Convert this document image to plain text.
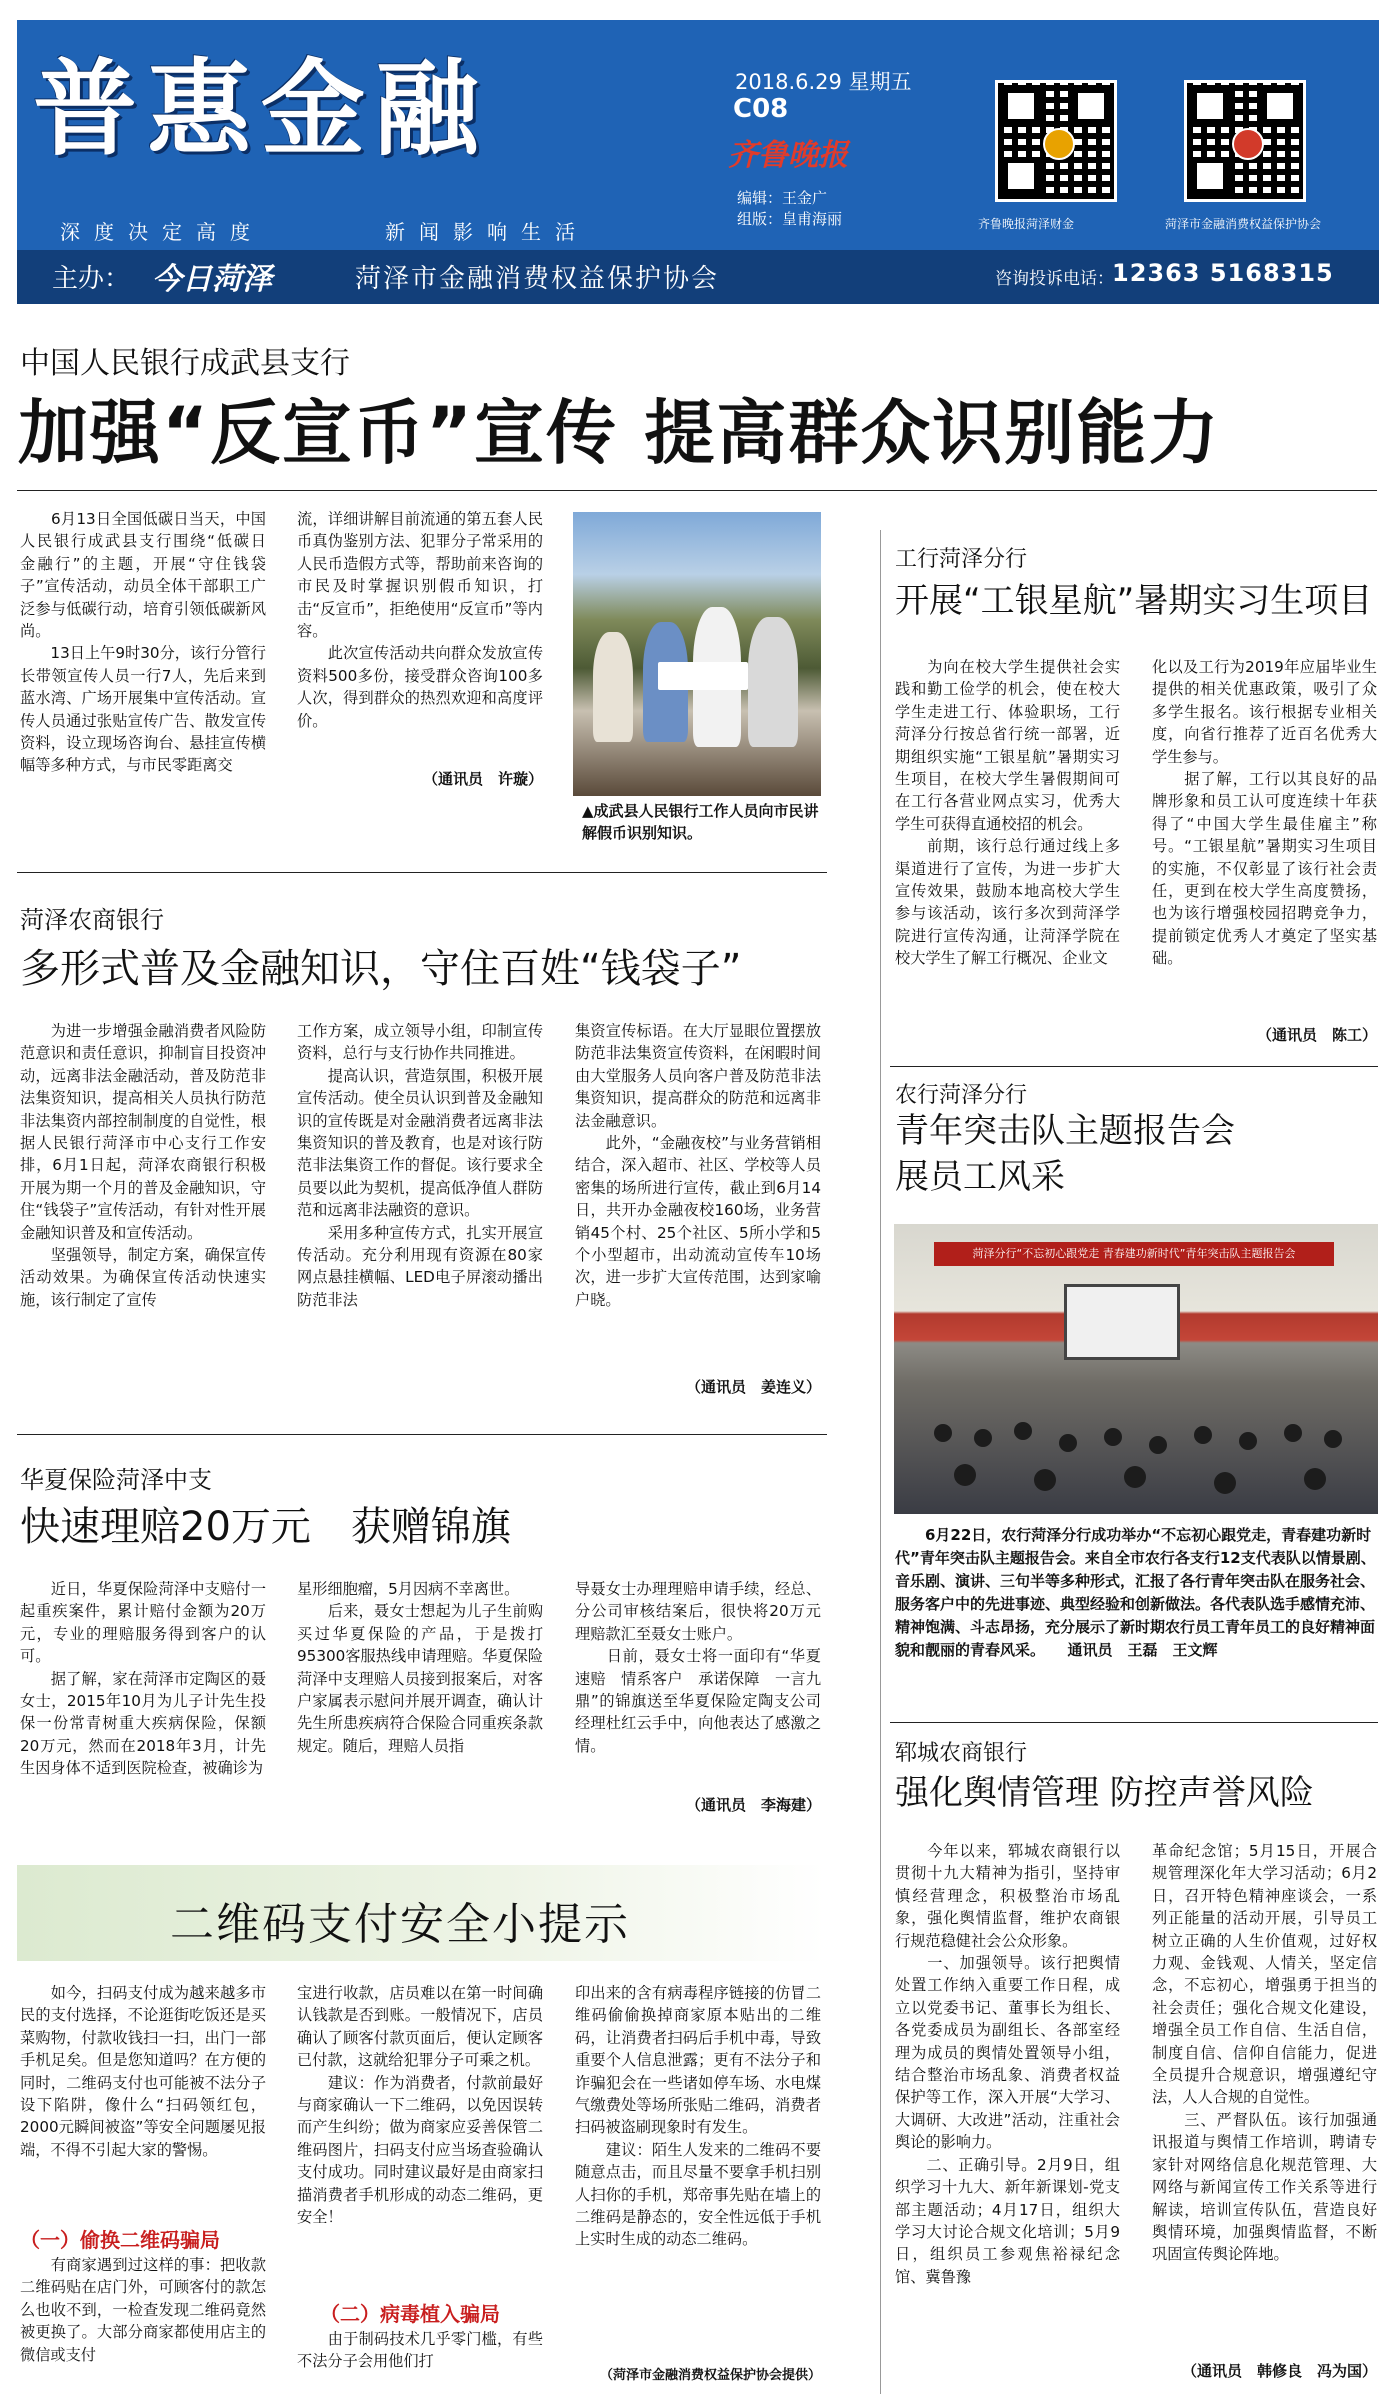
普惠金融
深度决定高度	新闻影响生活
2018.6.29 星期五
C08
齐鲁晚报
编辑：王金广
组版：皇甫海丽	齐鲁晚报菏泽财金	菏泽市金融消费权益保护协会
主办： 今日菏泽	菏泽市金融消费权益保护协会	咨询投诉电话：
12363 5168315
中国人民银行成武县支行
加强“反宣币”宣传 提高群众识别能力
　　6月13日全国低碳日当天，中国人民银行成武县支行围绕“低碳日　金融行”的主题，开展“守住钱袋子”宣传活动，动员全体干部职工广泛参与低碳行动，培育引领低碳新风尚。
　　13日上午9时30分，该行分管行长带领宣传人员一行7人，先后来到蓝水湾、广场开展集中宣传活动。宣传人员通过张贴宣传广告、散发宣传资料，设立现场咨询台、悬挂宣传横幅等多种方式，与市民零距离交
流，详细讲解目前流通的第五套人民币真伪鉴别方法、犯罪分子常采用的人民币造假方式等，帮助前来咨询的市民及时掌握识别假币知识，打击“反宣币”，拒绝使用“反宣币”等内容。
　　此次宣传活动共向群众发放宣传资料500多份，接受群众咨询100多人次，得到群众的热烈欢迎和高度评价。
（通讯员　许璇）
▲成武县人民银行工作人员向市民讲解假币识别知识。
菏泽农商银行
多形式普及金融知识，守住百姓“钱袋子”
　　为进一步增强金融消费者风险防范意识和责任意识，抑制盲目投资冲动，远离非法金融活动，普及防范非法集资知识，提高相关人员执行防范非法集资内部控制制度的自觉性，根据人民银行菏泽市中心支行工作安排，6月1日起，菏泽农商银行积极开展为期一个月的普及金融知识，守住“钱袋子”宣传活动，有针对性开展金融知识普及和宣传活动。
　　坚强领导，制定方案，确保宣传活动效果。为确保宣传活动快速实施，该行制定了宣传
工作方案，成立领导小组，印制宣传资料，总行与支行协作共同推进。
　　提高认识，营造氛围，积极开展宣传活动。使全员认识到普及金融知识的宣传既是对金融消费者远离非法集资知识的普及教育，也是对该行防范非法集资工作的督促。该行要求全员要以此为契机，提高低净值人群防范和远离非法融资的意识。
　　采用多种宣传方式，扎实开展宣传活动。充分利用现有资源在80家网点悬挂横幅、LED电子屏滚动播出防范非法
集资宣传标语。在大厅显眼位置摆放防范非法集资宣传资料，在闲暇时间由大堂服务人员向客户普及防范非法集资知识，提高群众的防范和远离非法金融意识。
　　此外，“金融夜校”与业务营销相结合，深入超市、社区、学校等人员密集的场所进行宣传，截止到6月14日，共开办金融夜校160场，业务营销45个村、25个社区、5所小学和5个小型超市，出动流动宣传车10场次，进一步扩大宣传范围，达到家喻户晓。
（通讯员　姜连义）
华夏保险菏泽中支
快速理赔20万元　获赠锦旗
　　近日，华夏保险菏泽中支赔付一起重疾案件，累计赔付金额为20万元，专业的理赔服务得到客户的认可。
　　据了解，家在菏泽市定陶区的聂女士，2015年10月为儿子计先生投保一份常青树重大疾病保险，保额20万元，然而在2018年3月，计先生因身体不适到医院检查，被确诊为
星形细胞瘤，5月因病不幸离世。
　　后来，聂女士想起为儿子生前购买过华夏保险的产品，于是拨打95300客服热线申请理赔。华夏保险菏泽中支理赔人员接到报案后，对客户家属表示慰问并展开调查，确认计先生所患疾病符合保险合同重疾条款规定。随后，理赔人员指
导聂女士办理理赔申请手续，经总、分公司审核结案后，很快将20万元理赔款汇至聂女士账户。
　　日前，聂女士将一面印有“华夏速赔　情系客户　承诺保障　一言九鼎”的锦旗送至华夏保险定陶支公司经理杜红云手中，向他表达了感激之情。
（通讯员　李海建）
工行菏泽分行
开展“工银星航”暑期实习生项目
　　为向在校大学生提供社会实践和勤工俭学的机会，使在校大学生走进工行、体验职场，工行菏泽分行按总省行统一部署，近期组织实施“工银星航”暑期实习生项目，在校大学生暑假期间可在工行各营业网点实习，优秀大学生可获得直通校招的机会。
　　前期，该行总行通过线上多渠道进行了宣传，为进一步扩大宣传效果，鼓励本地高校大学生参与该活动，该行多次到菏泽学院进行宣传沟通，让菏泽学院在校大学生了解工行概况、企业文
化以及工行为2019年应届毕业生提供的相关优惠政策，吸引了众多学生报名。该行根据专业相关度，向省行推荐了近百名优秀大学生参与。
　　据了解，工行以其良好的品牌形象和员工认可度连续十年获得了“中国大学生最佳雇主”称号。“工银星航”暑期实习生项目的实施，不仅彰显了该行社会责任，更到在校大学生高度赞扬，也为该行增强校园招聘竞争力，提前锁定优秀人才奠定了坚实基础。
（通讯员　陈工）
农行菏泽分行
青年突击队主题报告会
展员工风采
菏泽分行“不忘初心跟党走 青春建功新时代”青年突击队主题报告会
　　6月22日，农行菏泽分行成功举办“不忘初心跟党走，青春建功新时代”青年突击队主题报告会。来自全市农行各支行12支代表队以情景剧、音乐剧、演讲、三句半等多种形式，汇报了各行青年突击队在服务社会、服务客户中的先进事迹、典型经验和创新做法。各代表队选手感情充沛、精神饱满、斗志昂扬，充分展示了新时期农行员工青年员工的良好精神面貌和靓丽的青春风采。　　通讯员　王磊　王文辉
郓城农商银行
强化舆情管理 防控声誉风险
　　今年以来，郓城农商银行以贯彻十九大精神为指引，坚持审慎经营理念，积极整治市场乱象，强化舆情监督，维护农商银行规范稳健社会公众形象。
　　一、加强领导。该行把舆情处置工作纳入重要工作日程，成立以党委书记、董事长为组长、各党委成员为副组长、各部室经理为成员的舆情处置领导小组，结合整治市场乱象、消费者权益保护等工作，深入开展“大学习、大调研、大改进”活动，注重社会舆论的影响力。
　　二、正确引导。2月9日，组织学习十九大、新年新课划-党支部主题活动；4月17日，组织大学习大讨论合规文化培训；5月9日，组织员工参观焦裕禄纪念馆、冀鲁豫
革命纪念馆；5月15日，开展合规管理深化年大学习活动；6月2日，召开特色精神座谈会，一系列正能量的活动开展，引导员工树立正确的人生价值观，过好权力观、金钱观、人情关，坚定信念，不忘初心，增强勇于担当的社会责任；强化合规文化建设，增强全员工作自信、生活自信，制度自信、信仰自信能力，促进全员提升合规意识，增强遵纪守法，人人合规的自觉性。
　　三、严督队伍。该行加强通讯报道与舆情工作培训，聘请专家针对网络信息化规范管理、大网络与新闻宣传工作关系等进行解读，培训宣传队伍，营造良好舆情环境，加强舆情监督，不断巩固宣传舆论阵地。
（通讯员　韩修良　冯为国）
二维码支付安全小提示
　　如今，扫码支付成为越来越多市民的支付选择，不论逛街吃饭还是买菜购物，付款收钱扫一扫，出门一部手机足矣。但是您知道吗？在方便的同时，二维码支付也可能被不法分子设下陷阱，像什么“扫码领红包，2000元瞬间被盗”等安全问题屡见报端，不得不引起大家的警惕。
（一）偷换二维码骗局
　　有商家遇到过这样的事：把收款二维码贴在店门外，可顾客付的款怎么也收不到，一检查发现二维码竟然被更换了。大部分商家都使用店主的微信或支付
宝进行收款，店员难以在第一时间确认钱款是否到账。一般情况下，店员确认了顾客付款页面后，便认定顾客已付款，这就给犯罪分子可乘之机。
　　建议：作为消费者，付款前最好与商家确认一下二维码，以免因误转而产生纠纷；做为商家应妥善保管二维码图片，扫码支付应当场查验确认支付成功。同时建议最好是由商家扫描消费者手机形成的动态二维码，更安全！
（二）病毒植入骗局
　　由于制码技术几乎零门槛，有些不法分子会用他们打
印出来的含有病毒程序链接的仿冒二维码偷偷换掉商家原本贴出的二维码，让消费者扫码后手机中毒，导致重要个人信息泄露；更有不法分子和诈骗犯会在一些诸如停车场、水电煤气缴费处等场所张贴二维码，消费者扫码被盗刷现象时有发生。
　　建议：陌生人发来的二维码不要随意点击，而且尽量不要拿手机扫别人扫你的手机，郑帝事先贴在墙上的二维码是静态的，安全性远低于手机上实时生成的动态二维码。
（菏泽市金融消费权益保护协会提供）
